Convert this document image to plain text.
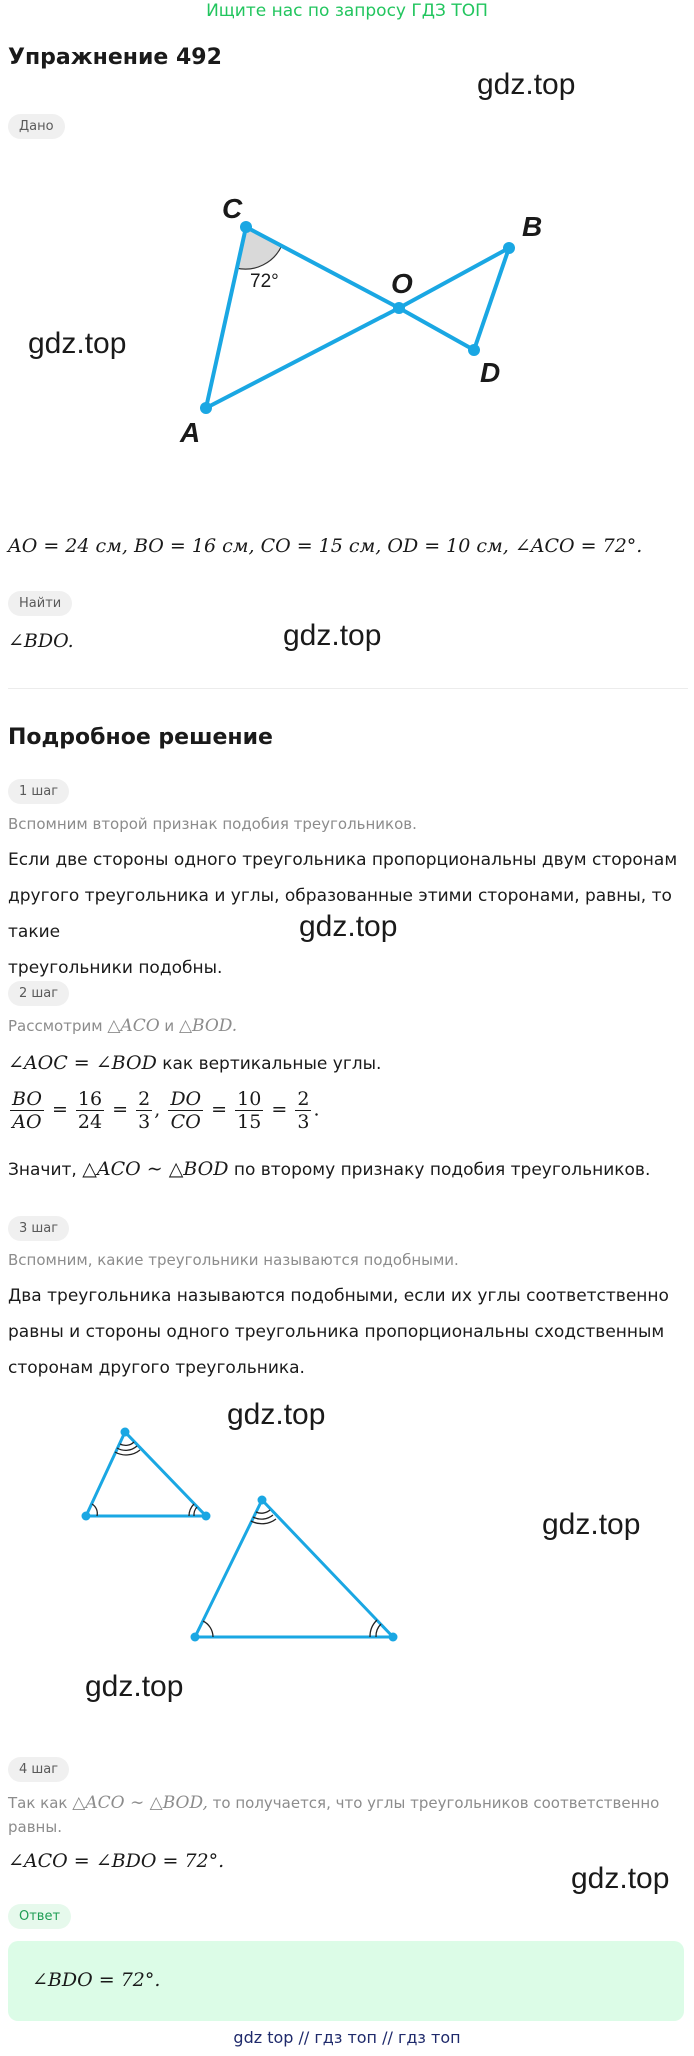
Ищите нас по запросу ГДЗ ТОП
Упражнение 492
gdz.top
gdz.top
gdz.top
gdz.top
gdz.top
gdz.top
gdz.top
gdz.top
Дано
C
O
B
D
A
72°
AO = 24 см, BO = 16 см, CO = 15 см, OD = 10 см, ∠ACO = 72°.
Найти
∠BDO.
Подробное решение
1 шаг
Вспомним второй признак подобия треугольников.
Если две стороны одного треугольника пропорциональны двум сторонам
другого треугольника и углы, образованные этими сторонами, равны, то такие
треугольники подобны.
2 шаг
Рассмотрим △ACO и △BOD.
∠AOC = ∠BOD как вертикальные углы.
$\frac{BO}{AO} = \frac{16}{24} = \frac{2}{3}$ , $\frac{DO}{CO} = \frac{10}{15} = \frac{2}{3}$ .
Значит, △ACO ∼ △BOD по второму признаку подобия треугольников.
3 шаг
Вспомним, какие треугольники называются подобными.
Два треугольника называются подобными, если их углы соответственно
равны и стороны одного треугольника пропорциональны сходственным
сторонам другого треугольника.
4 шаг
Так как △ACO ∼ △BOD, то получается, что углы треугольников соответственно
равны.
∠ACO = ∠BDO = 72°.
Ответ
∠BDO = 72°.
gdz top // гдз топ // гдз топ
